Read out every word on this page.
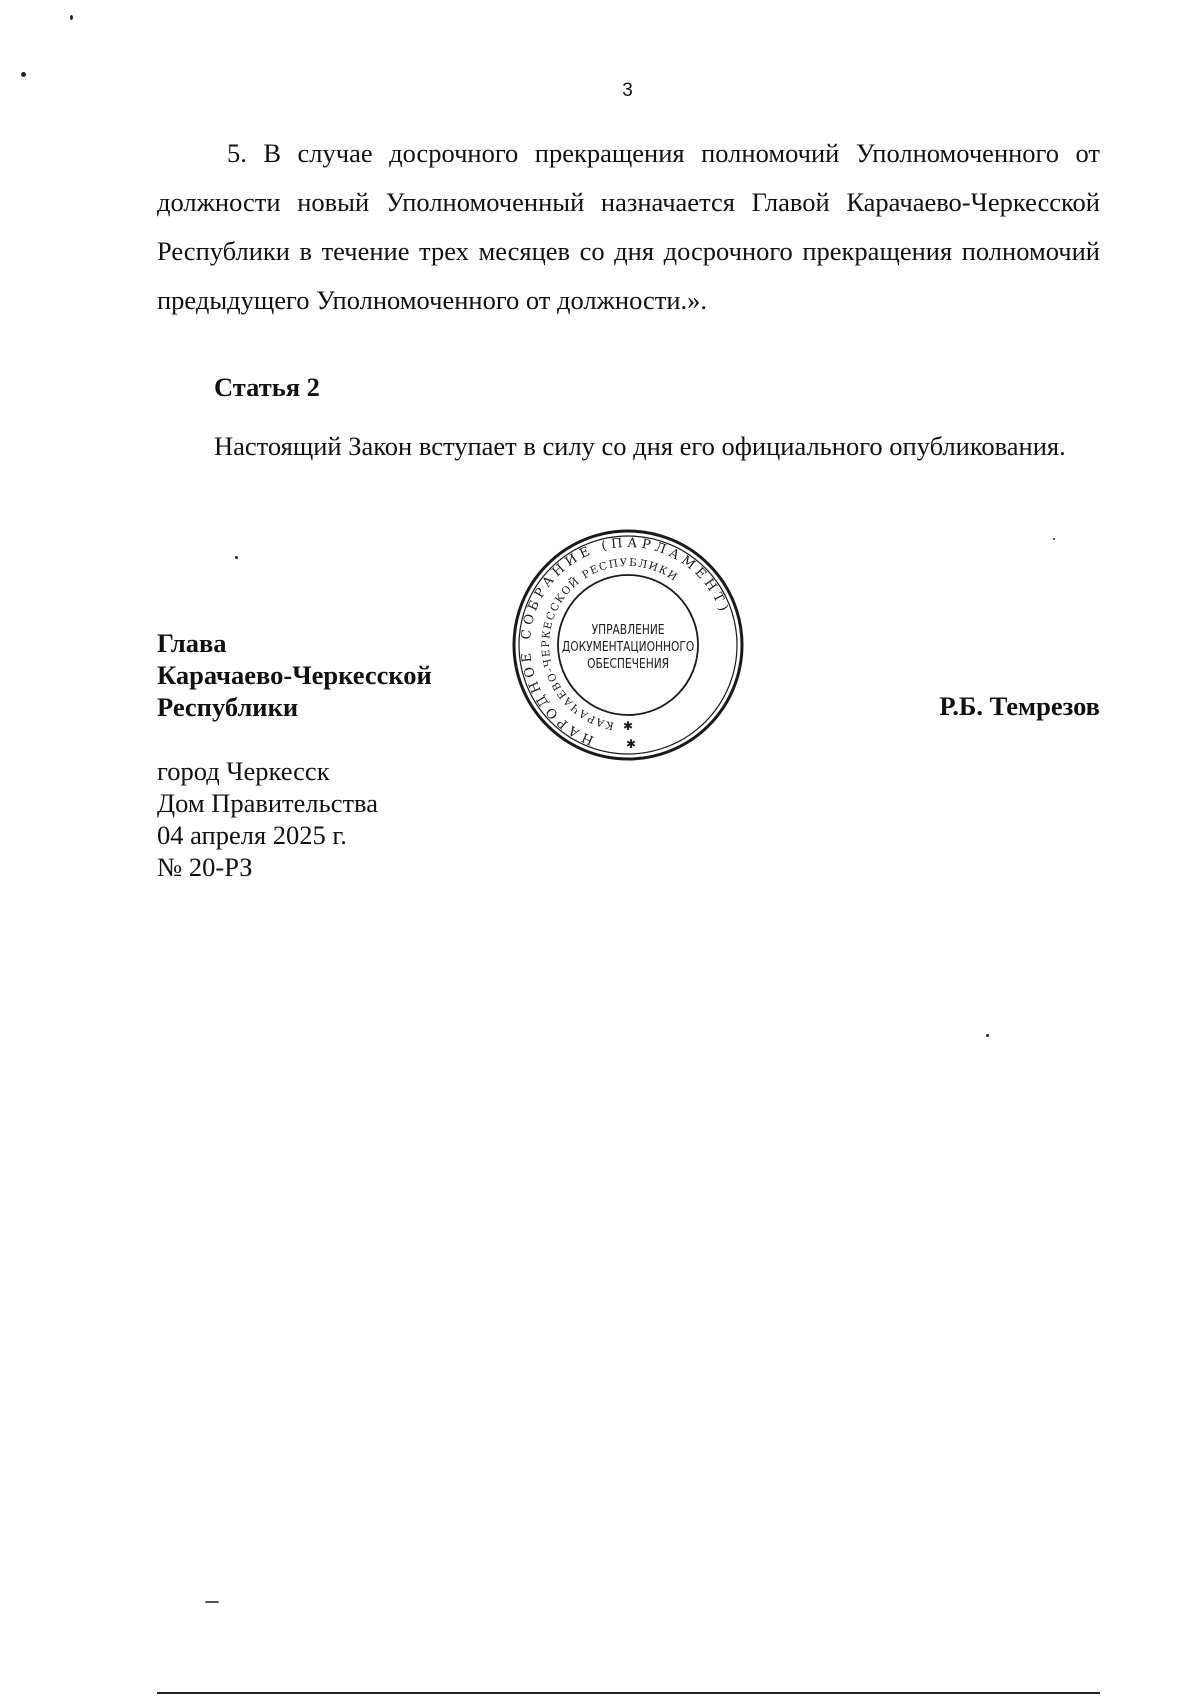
3

5. В случае досрочного прекращения полномочий Уполномоченного от должности новый Уполномоченный назначается Главой Карачаево-Черкесской Республики в течение трех месяцев со дня досрочного прекращения полномочий предыдущего Уполномоченного от должности.».

Статья 2

Настоящий Закон вступает в силу со дня его официального опубликования.

Глава
Карачаево-Черкесской
Республики	Р.Б. Темрезов
город Черкесск
Дом Правительства
04 апреля 2025 г.
№ 20-РЗ
НАРОДНОЕ СОБРАНИЕ (ПАРЛАМЕНТ)
КАРАЧАЕВО-ЧЕРКЕССКОЙ РЕСПУБЛИКИ
УПРАВЛЕНИЕ
ДОКУМЕНТАЦИОННОГО
ОБЕСПЕЧЕНИЯ
✱
✱
